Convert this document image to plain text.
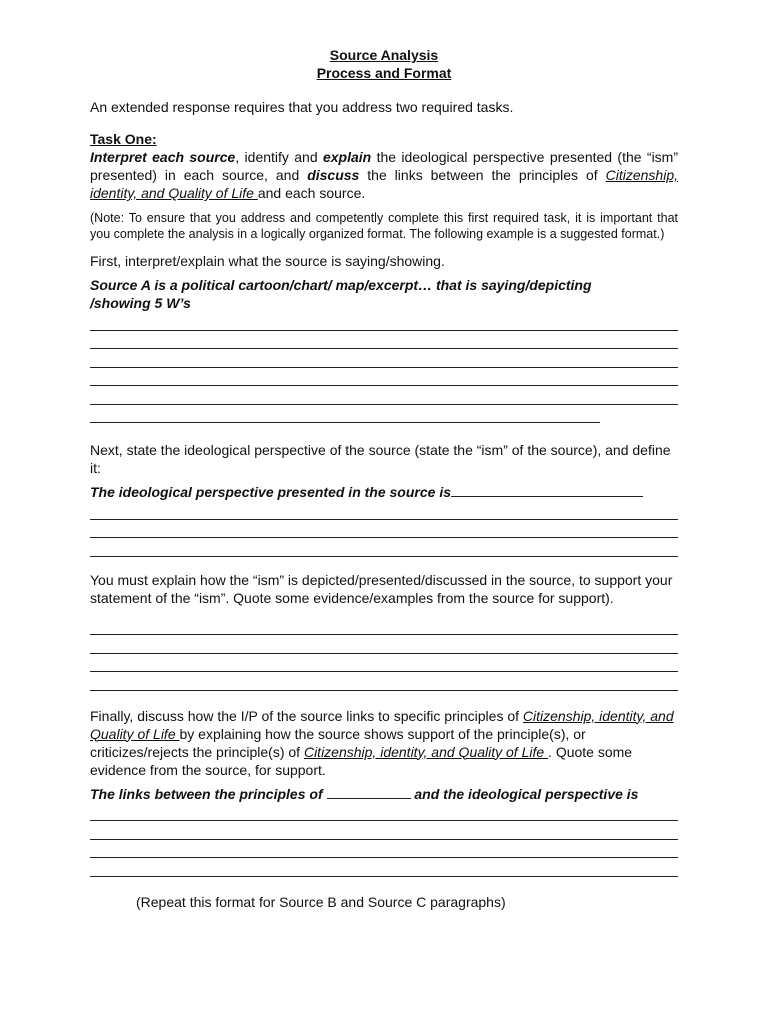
Source Analysis

Process and Format

An extended response requires that you address two required tasks.

Task One:

Interpret each source, identify and explain the ideological perspective presented (the “ism” presented) in each source, and discuss the links between the principles of Citizenship, identity, and Quality of Life and each source.

(Note: To ensure that you address and competently complete this first required task, it is important that you complete the analysis in a logically organized format. The following example is a suggested format.)

First, interpret/explain what the source is saying/showing.

Source A is a political cartoon/chart/ map/excerpt… that is saying/depicting

/showing 5 W’s

Next, state the ideological perspective of the source (state the “ism” of the source), and define it:

The ideological perspective presented in the source is

You must explain how the “ism” is depicted/presented/discussed in the source, to support your statement of the “ism”. Quote some evidence/examples from the source for support).

Finally, discuss how the I/P of the source links to specific principles of Citizenship, identity, and Quality of Life by explaining how the source shows support of the principle(s), or criticizes/rejects the principle(s) of Citizenship, identity, and Quality of Life . Quote some evidence from the source, for support.

The links between the principles of	and the ideological perspective is

(Repeat this format for Source B and Source C paragraphs)
